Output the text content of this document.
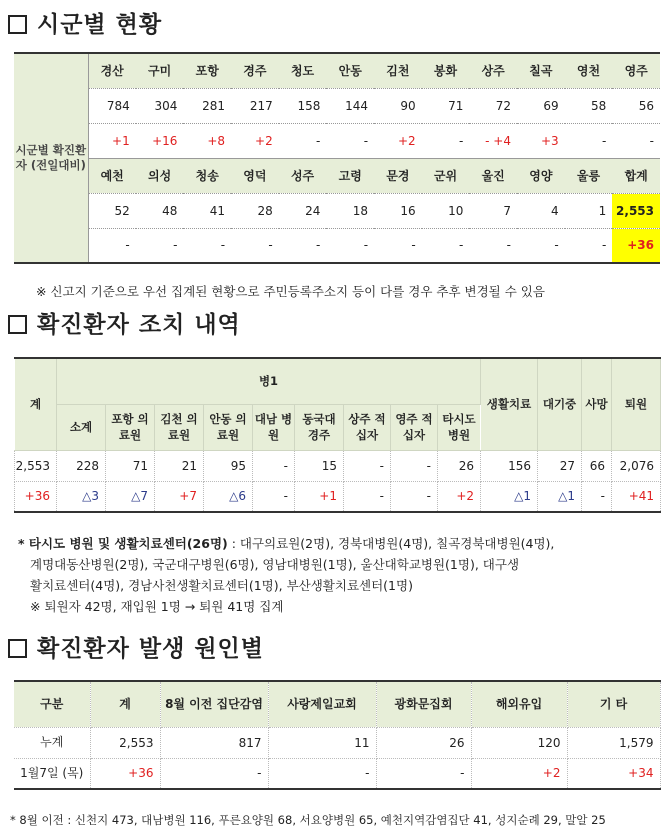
시군별 현황
시군별 확진환자 (전일대비)	경산	구미	포항	경주	청도	안동	김천	봉화	상주	칠곡	영천	영주
	784	304	281	217	158	144	90	71	72	69	58	56
	+1	+16	+8	+2	-	-	+2	-	- +4	+3	-	-
	예천	의성	청송	영덕	성주	고령	문경	군위	울진	영양	울릉	합계
	52	48	41	28	24	18	16	10	7	4	1	2,553
	-	-	-	-	-	-	-	-	-	-	-	+36
※ 신고지 기준으로 우선 집계된 현황으로 주민등록주소지 등이 다를 경우 추후 변경될 수 있음
확진환자 조치 내역
계	병1									생활치료	대기중	사망	퇴원
	소계	포항 의료원	김천 의료원	안동 의료원	대남 병원	동국대 경주	상주 적십자	영주 적십자	타시도 병원				
2,553	228	71	21	95	-	15	-	-	26	156	27	66	2,076
+36	△3	△7	+7	△6	-	+1	-	-	+2	△1	△1	-	+41
* 타시도 병원 및 생활치료센터(26명) : 대구의료원(2명), 경북대병원(4명), 칠곡경북대병원(4명),
계명대동산병원(2명), 국군대구병원(6명), 영남대병원(1명), 울산대학교병원(1명), 대구생
활치료센터(4명), 경남사천생활치료센터(1명), 부산생활치료센터(1명)
※ 퇴원자 42명, 재입원 1명 → 퇴원 41명 집계
확진환자 발생 원인별
구분	계	8월 이전 집단감염	사랑제일교회	광화문집회	해외유입	기 타
누계	2,553	817	11	26	120	1,579
1월7일 (목)	+36	-	-	-	+2	+34
* 8월 이전 : 신천지 473, 대남병원 116, 푸른요양원 68, 서요양병원 65, 예천지역감염집단 41, 성지순례 29, 말알 25
